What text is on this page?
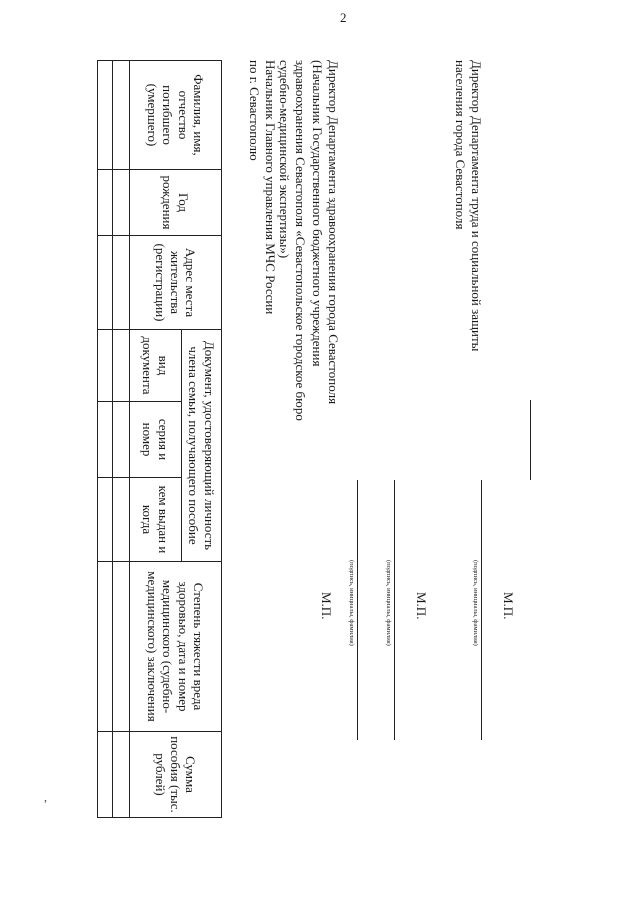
2
,
Фамилия, имя, отчество погибшего (умершего)	Год рождения	Адрес места жительства (регистрации)	Документ, удостоверяющий личность члена семьи, получающего пособие			Степень тяжести вреда здоровью, дата и номер медицинского (судебно-медицинского) заключения	Сумма пособия (тыс. рублей)
			вид документа	серия и номер	кем выдан и когда		

Начальник Главного управления МЧС России
по г. Севастополю
(подпись, инициалы, фамилия)
М.П.
Директор Департамента здравоохранения города Севастополя
(Начальник Государственного бюджетного учреждения
здравоохранения Севастополя «Севастопольское городское бюро
судебно-медицинской экспертизы»)
(подпись, инициалы, фамилия) М.П.
Директор Департамента труда и социальной защиты
населения города Севастополя
(подпись, инициалы, фамилия) М.П.
